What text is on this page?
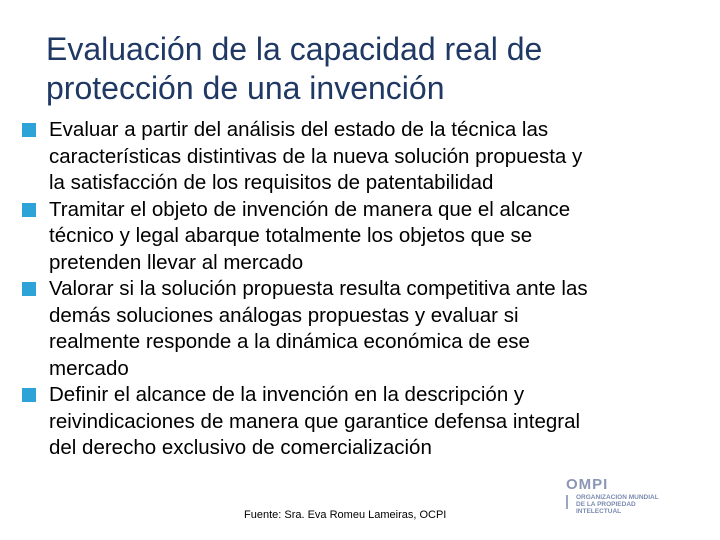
Evaluación de la capacidad real de
protección de una invención
Evaluar a partir del análisis del estado de la técnica las
características distintivas de la nueva solución propuesta y
la satisfacción de los requisitos de patentabilidad
Tramitar el objeto de invención de manera que el alcance
técnico y legal abarque totalmente los objetos que se
pretenden llevar al mercado
Valorar si la solución propuesta resulta competitiva ante las
demás soluciones análogas propuestas y evaluar si
realmente responde a la dinámica económica de ese
mercado
Definir el alcance de la invención en la descripción y
reivindicaciones de manera que garantice defensa integral
del derecho exclusivo de comercialización
Fuente: Sra. Eva Romeu Lameiras, OCPI
OMPI
ORGANIZACION MUNDIAL
DE LA PROPIEDAD
INTELECTUAL
